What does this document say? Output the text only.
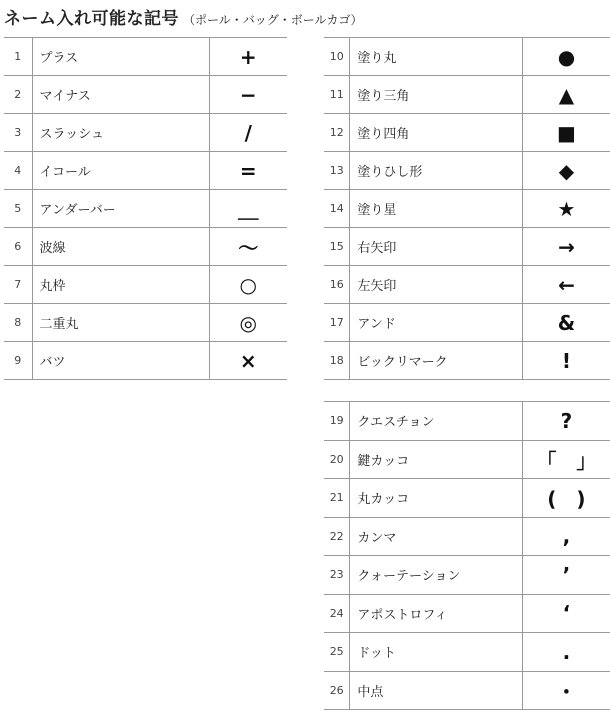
ネーム入れ可能な記号 （ポール・バッグ・ボールカゴ）
1	プラス	+
2	マイナス	−
3	スラッシュ	/
4	イコール	=
5	アンダーバー	＿
6	波線	～
7	丸枠	○
8	二重丸	◎
9	バツ	×
10	塗り丸	●
11	塗り三角	▲
12	塗り四角	■
13	塗りひし形	◆
14	塗り星	★
15	右矢印	→
16	左矢印	←
17	アンド	&
18	ビックリマーク	!
19	クエスチョン	?
20	鍵カッコ	「　」
21	丸カッコ	(　)
22	カンマ	,
23	クォーテーション	’
24	アポストロフィ	‘
25	ドット	.
26	中点	・
